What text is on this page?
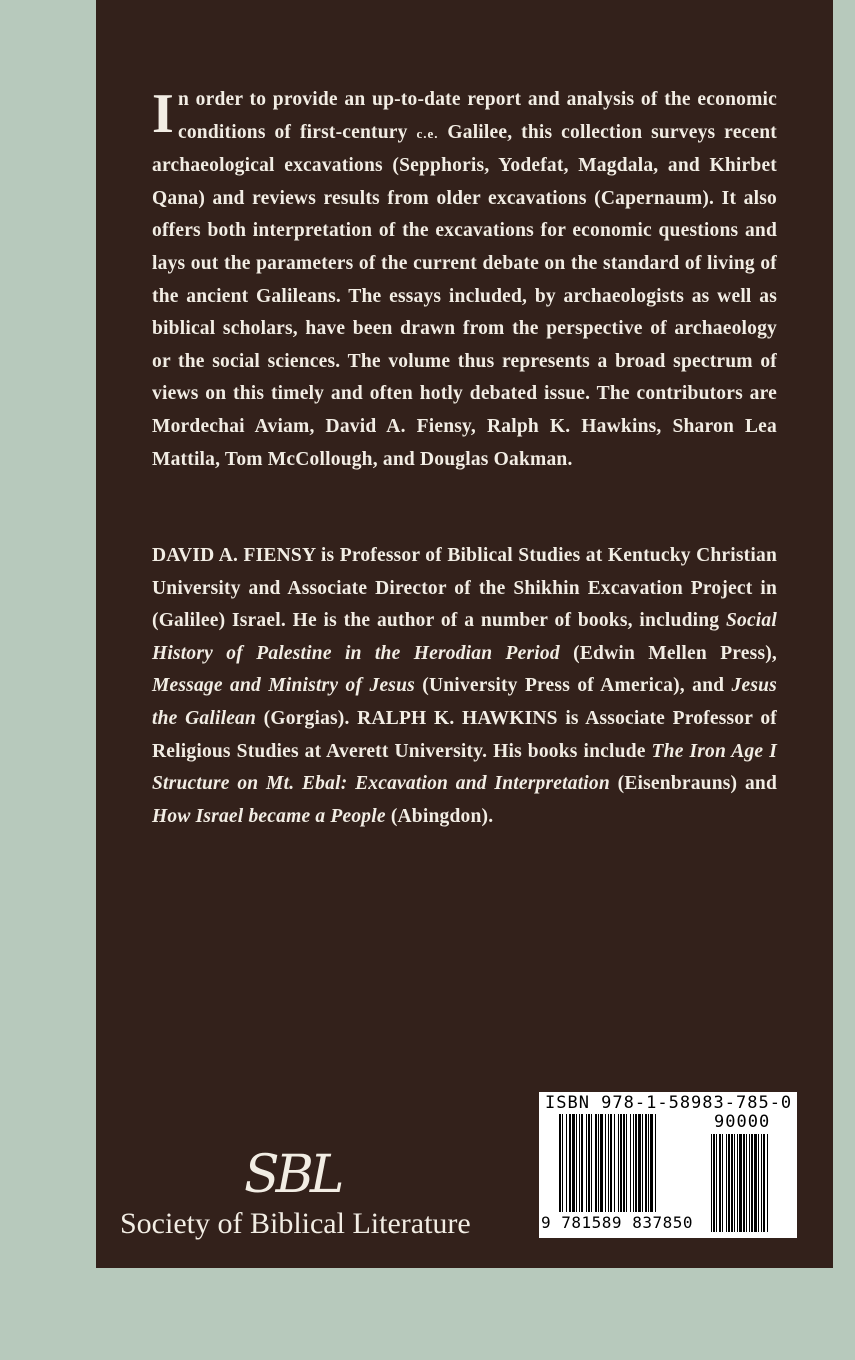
In order to provide an up-to-date report and analysis of the economic conditions of first-century c.e. Galilee, this collection surveys recent archaeological excavations (Sepphoris, Yodefat, Magdala, and Khirbet Qana) and reviews results from older excavations (Capernaum). It also offers both interpretation of the excavations for economic questions and lays out the parameters of the current debate on the standard of living of the ancient Galileans. The essays included, by archaeologists as well as biblical scholars, have been drawn from the perspective of archaeology or the social sciences. The volume thus represents a broad spectrum of views on this timely and often hotly debated issue. The contributors are Mordechai Aviam, David A. Fiensy, Ralph K. Hawkins, Sharon Lea Mattila, Tom McCollough, and Douglas Oakman.

DAVID A. FIENSY is Professor of Biblical Studies at Kentucky Christian University and Associate Director of the Shikhin Excavation Project in (Galilee) Israel. He is the author of a number of books, including Social History of Palestine in the Herodian Period (Edwin Mellen Press), Message and Ministry of Jesus (University Press of America), and Jesus the Galilean (Gorgias). RALPH K. HAWKINS is Associate Professor of Religious Studies at Averett University. His books include The Iron Age I Structure on Mt. Ebal: Excavation and Interpretation (Eisenbrauns) and How Israel became a People (Abingdon).

SBL
Society of Biblical Literature
ISBN 978-1-58983-785-0
90000
9 781589 837850
